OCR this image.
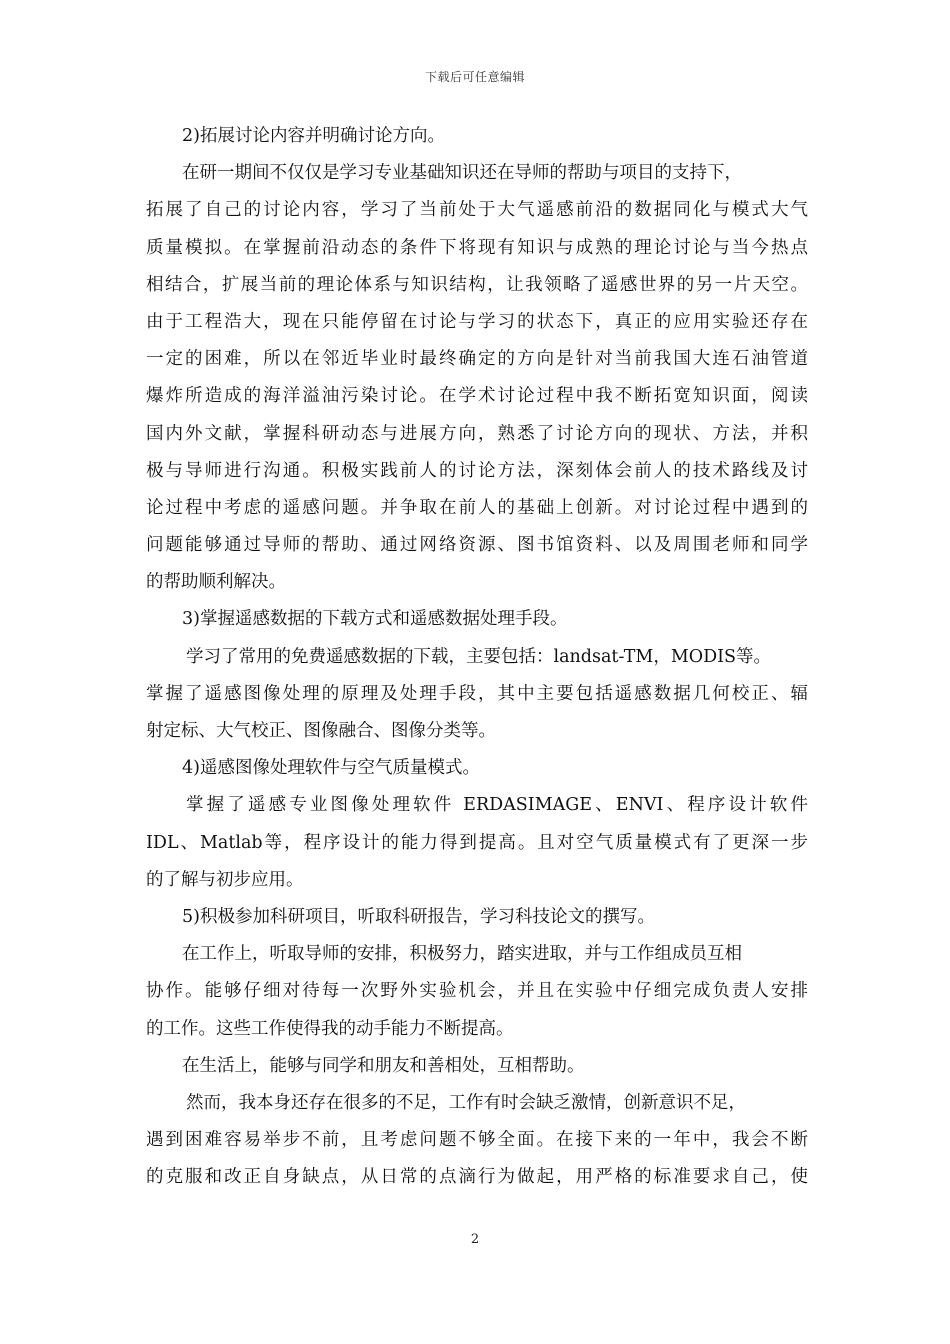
下载后可任意编辑
2)拓展讨论内容并明确讨论方向。
在研一期间不仅仅是学习专业基础知识还在导师的帮助与项目的支持下，
拓展了自己的讨论内容，学习了当前处于大气遥感前沿的数据同化与模式大气
质量模拟。在掌握前沿动态的条件下将现有知识与成熟的理论讨论与当今热点
相结合，扩展当前的理论体系与知识结构，让我领略了遥感世界的另一片天空。
由于工程浩大，现在只能停留在讨论与学习的状态下，真正的应用实验还存在
一定的困难，所以在邻近毕业时最终确定的方向是针对当前我国大连石油管道
爆炸所造成的海洋溢油污染讨论。在学术讨论过程中我不断拓宽知识面，阅读
国内外文献，掌握科研动态与进展方向，熟悉了讨论方向的现状、方法，并积
极与导师进行沟通。积极实践前人的讨论方法，深刻体会前人的技术路线及讨
论过程中考虑的遥感问题。并争取在前人的基础上创新。对讨论过程中遇到的
问题能够通过导师的帮助、通过网络资源、图书馆资料、以及周围老师和同学
的帮助顺利解决。
3)掌握遥感数据的下载方式和遥感数据处理手段。
学习了常用的免费遥感数据的下载，主要包括：landsat-TM，MODIS等。
掌握了遥感图像处理的原理及处理手段，其中主要包括遥感数据几何校正、辐
射定标、大气校正、图像融合、图像分类等。
4)遥感图像处理软件与空气质量模式。
掌握了遥感专业图像处理软件 ERDASIMAGE、ENVI、程序设计软件
IDL、Matlab等，程序设计的能力得到提高。且对空气质量模式有了更深一步
的了解与初步应用。
5)积极参加科研项目，听取科研报告，学习科技论文的撰写。
在工作上，听取导师的安排，积极努力，踏实进取，并与工作组成员互相
协作。能够仔细对待每一次野外实验机会，并且在实验中仔细完成负责人安排
的工作。这些工作使得我的动手能力不断提高。
在生活上，能够与同学和朋友和善相处，互相帮助。
然而，我本身还存在很多的不足，工作有时会缺乏激情，创新意识不足，
遇到困难容易举步不前，且考虑问题不够全面。在接下来的一年中，我会不断
的克服和改正自身缺点，从日常的点滴行为做起，用严格的标准要求自己，使
2
